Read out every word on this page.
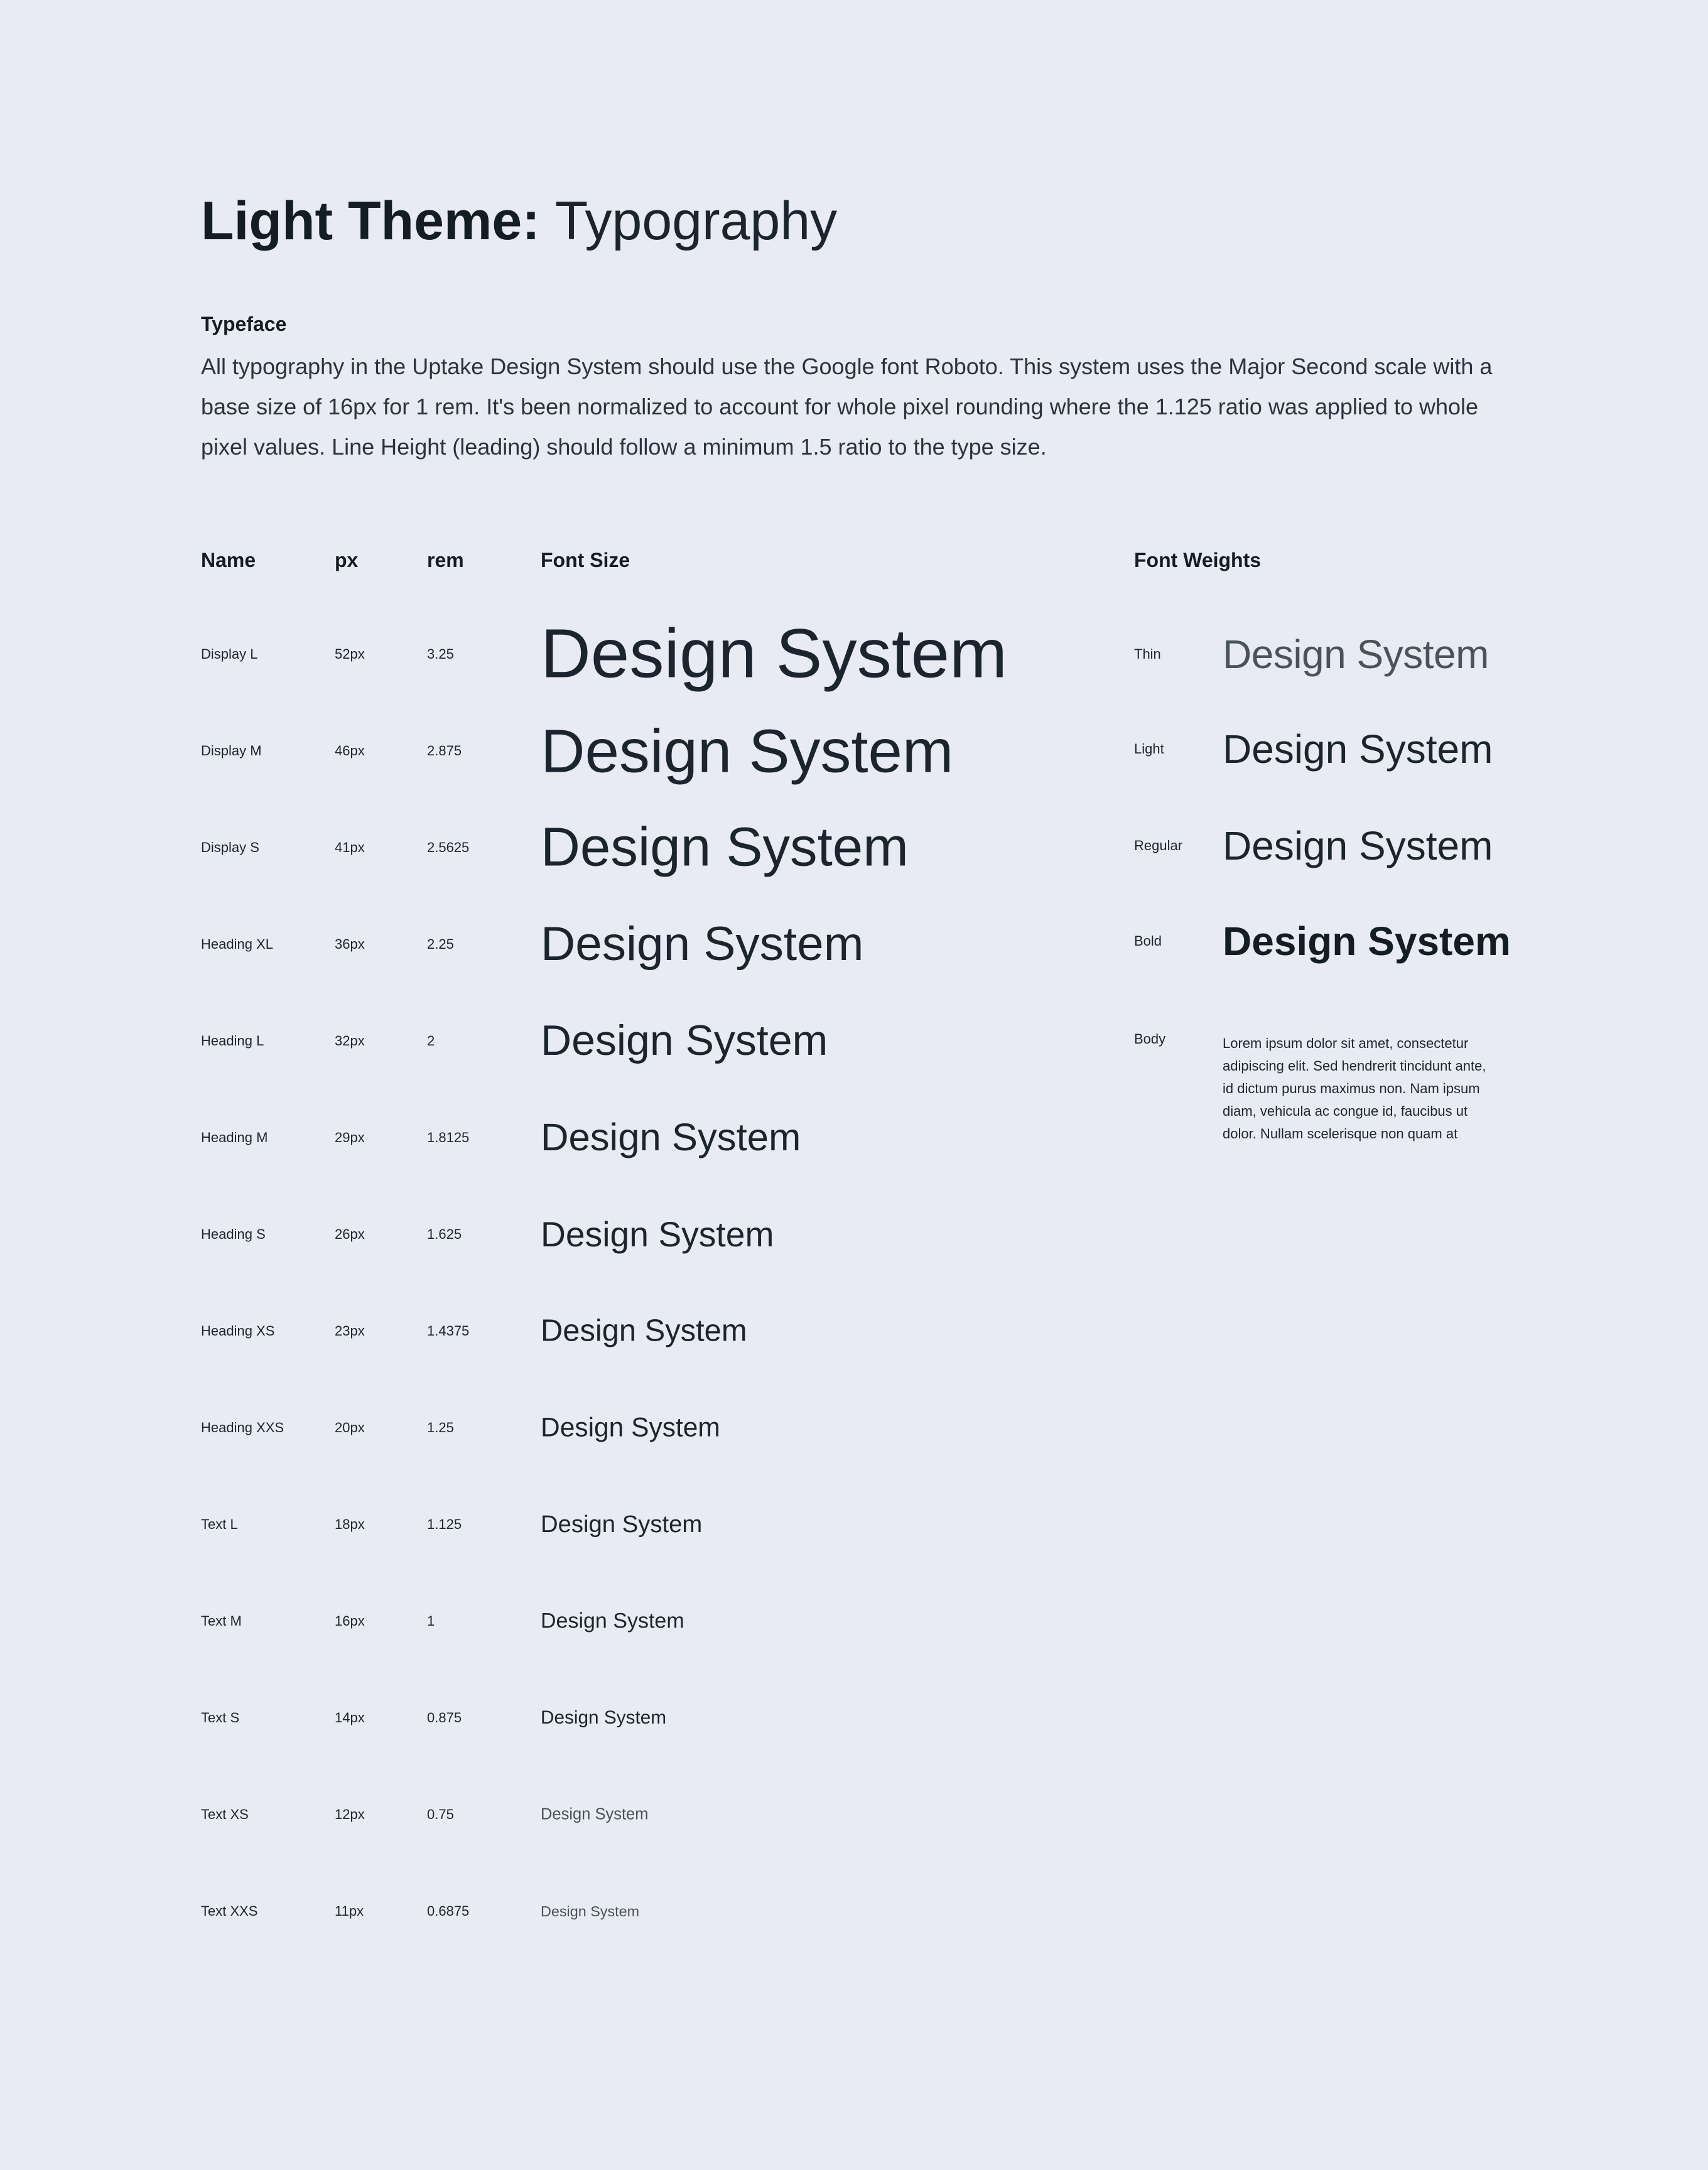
Light Theme: Typography
Typeface

All typography in the Uptake Design System should use the Google font Roboto. This system uses the Major Second scale with a base size of 16px for 1 rem. It's been normalized to account for whole pixel rounding where the 1.125 ratio was applied to whole pixel values. Line Height (leading) should follow a minimum 1.5 ratio to the type size.

Name	px	rem	Font Size	Font Weights
Display L	52px	3.25 Design System
Display M	46px	2.875 Design System
Display S	41px	2.5625 Design System
Heading XL	36px	2.25 Design System
Heading L	32px	2 Design System
Heading M	29px	1.8125 Design System
Heading S	26px	1.625 Design System
Heading XS	23px	1.4375 Design System
Heading XXS	20px	1.25	Design System
Text L	18px	1.125	Design System
Text M	16px	1	Design System
Text S	14px	0.875	Design System
Text XS	12px	0.75	Design System
Text XXS	11px	0.6875	Design System
Thin Design System
Light Design System
Regular Design System
Bold Design System
Body	Lorem ipsum dolor sit amet, consectetur adipiscing elit. Sed hendrerit tincidunt ante, id dictum purus maximus non. Nam ipsum diam, vehicula ac congue id, faucibus ut dolor. Nullam scelerisque non quam at
